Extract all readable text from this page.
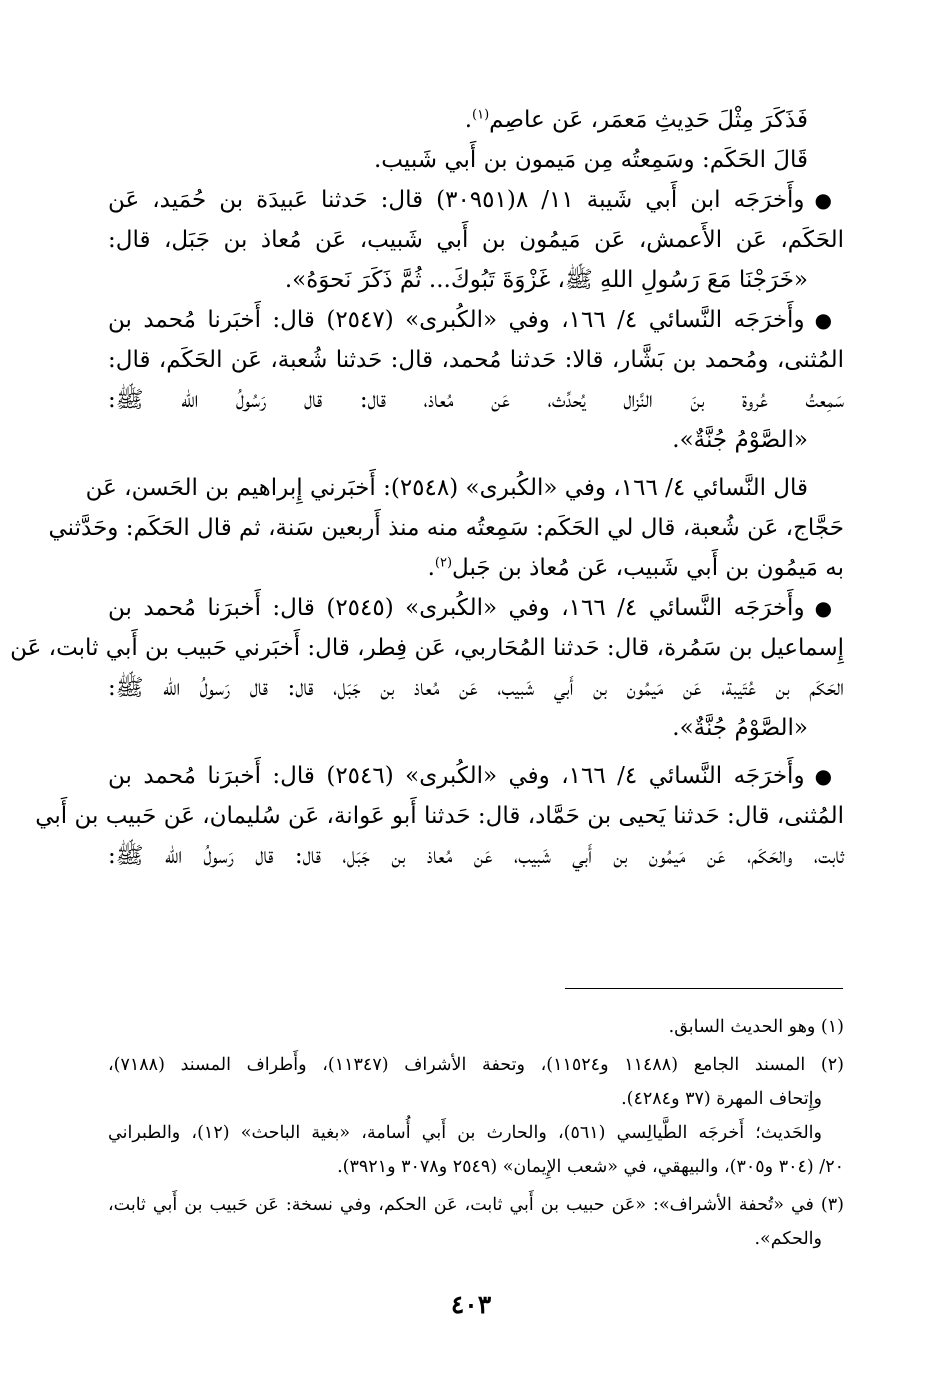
فَذَكَرَ مِثْلَ حَدِيثِ مَعمَر، عَن عاصِم$^{(١)}$.
قَالَ الحَكَم: وسَمِعتُه مِن مَيمون بن أَبي شَبيب.
●وأَخرَجَه ابن أَبي شَيبة ١١/ ٨(٣٠٩٥١) قال: حَدثنا عَبيدَة بن حُمَيد، عَن
الحَكَم، عَن الأَعمش، عَن مَيمُون بن أَبي شَبيب، عَن مُعاذ بن جَبَل، قال:
«خَرَجْنَا مَعَ رَسُولِ اللهِ ﷺ، غَزْوَةَ تَبُوكَ... ثُمَّ ذَكَرَ نَحوَهُ».
●وأَخرَجَه النَّسائي ٤/ ١٦٦، وفي «الكُبرى» (٢٥٤٧) قال: أَخبَرنا مُحمد بن
المُثنى، ومُحمد بن بَشَّار، قالا: حَدثنا مُحمد، قال: حَدثنا شُعبة، عَن الحَكَم، قال:
سَمِعتُ عُروة بنَ النَّزال يُحدِّث، عَن مُعاذ، قال: قال رَسُولُ الله ﷺ:
«الصَّوْمُ جُنَّةٌ».
قال النَّسائي ٤/ ١٦٦، وفي «الكُبرى» (٢٥٤٨): أَخبَرني إِبراهيم بن الحَسن، عَن
حَجَّاج، عَن شُعبة، قال لي الحَكَم: سَمِعتُه منه منذ أَربعين سَنة، ثم قال الحَكَم: وحَدَّثني
به مَيمُون بن أَبي شَبيب، عَن مُعاذ بن جَبل$^{(٢)}$.
●وأَخرَجَه النَّسائي ٤/ ١٦٦، وفي «الكُبرى» (٢٥٤٥) قال: أَخبرَنا مُحمد بن
إِسماعيل بن سَمُرة، قال: حَدثنا المُحَاربي، عَن فِطر، قال: أَخبَرني حَبيب بن أَبي ثابت، عَن
الحَكَم بن عُتَيبة، عَن مَيمُون بن أَبي شَبيب، عَن مُعاذ بن جَبَل، قال: قال رَسولُ الله ﷺ:
«الصَّوْمُ جُنَّةٌ».
●وأَخرَجَه النَّسائي ٤/ ١٦٦، وفي «الكُبرى» (٢٥٤٦) قال: أَخبرَنا مُحمد بن
المُثنى، قال: حَدثنا يَحيى بن حَمَّاد، قال: حَدثنا أَبو عَوانة، عَن سُليمان، عَن حَبيب بن أَبي
ثابت، والحَكَم، عَن مَيمُون بن أَبي شَبيب، عَن مُعاذ بن جَبَل، قال: قال رَسولُ الله ﷺ:
(١) وهو الحديث السابق.
(٢) المسند الجامع (١١٤٨٨ و١١٥٢٤)، وتحفة الأشراف (١١٣٤٧)، وأَطراف المسند (٧١٨٨)،
وإِتحاف المهرة (٣٧ و٤٢٨٤).
والحَديث؛ أَخرجَه الطَّيالِسي (٥٦١)، والحارث بن أَبي أُسامة، «بغية الباحث» (١٢)، والطبراني
٢٠/ (٣٠٤ و٣٠٥)، والبيهقي، في «شعب الإِيمان» (٢٥٤٩ و٣٠٧٨ و٣٩٢١).
(٣) في «تُحفة الأشراف»: «عَن حبيب بن أَبي ثابت، عَن الحكم، وفي نسخة: عَن حَبيب بن أَبي ثابت،
والحكم».
٤٠٣
